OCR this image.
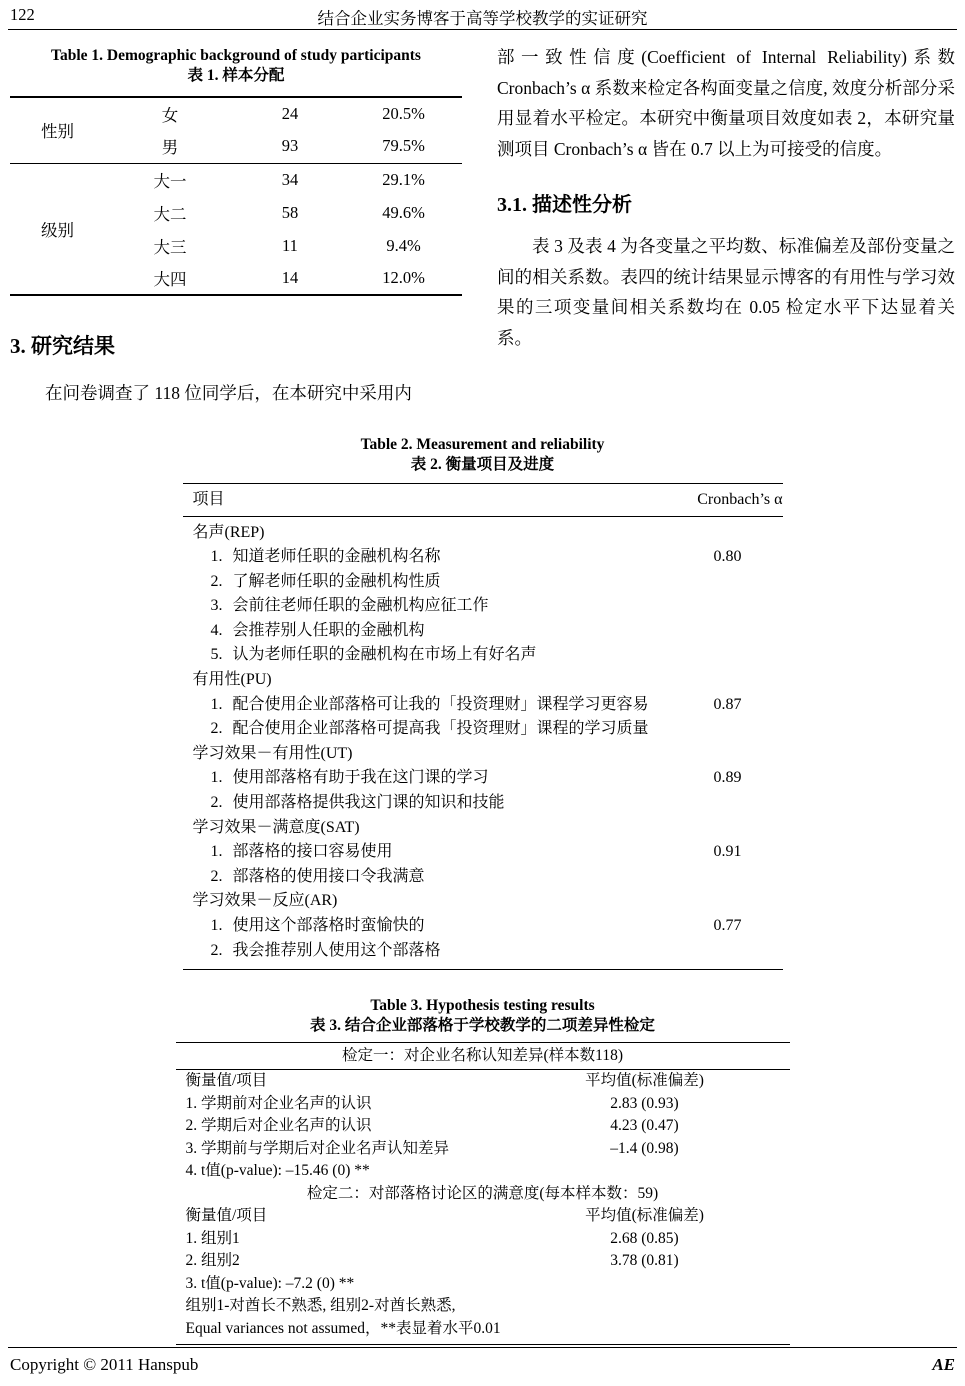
122	结合企业实务博客于高等学校教学的实证研究
Table 1. Demographic background of study participants
表 1. 样本分配
性别	女	24	20.5%
	男	93	79.5%
级别	大一	34	29.1%
	大二	58	49.6%
	大三	11	9.4%
	大四	14	12.0%
3. 研究结果
在问卷调查了 118 位同学后，在本研究中采用内
部一致性信度(Coefficient of Internal Reliability)系数 Cronbach’s α 系数来检定各构面变量之信度, 效度分析部分采用显着水平检定。本研究中衡量项目效度如表 2，本研究量测项目 Cronbach’s α 皆在 0.7 以上为可接受的信度。
3.1. 描述性分析
表 3 及表 4 为各变量之平均数、标准偏差及部份变量之间的相关系数。表四的统计结果显示博客的有用性与学习效果的三项变量间相关系数均在 0.05 检定水平下达显着关系。
Table 2. Measurement and reliability
表 2. 衡量项目及进度
项目	Cronbach’s α
名声(REP)
1. 知道老师任职的金融机构名称	0.80
2. 了解老师任职的金融机构性质
3. 会前往老师任职的金融机构应征工作
4. 会推荐别人任职的金融机构
5. 认为老师任职的金融机构在市场上有好名声
有用性(PU)
1. 配合使用企业部落格可让我的「投资理财」课程学习更容易	0.87
2. 配合使用企业部落格可提高我「投资理财」课程的学习质量
学习效果－有用性(UT)
1. 使用部落格有助于我在这门课的学习	0.89
2. 使用部落格提供我这门课的知识和技能
学习效果－满意度(SAT)
1. 部落格的接口容易使用	0.91
2. 部落格的使用接口令我满意
学习效果－反应(AR)
1. 使用这个部落格时蛮愉快的	0.77
2. 我会推荐别人使用这个部落格
Table 3. Hypothesis testing results
表 3. 结合企业部落格于学校教学的二项差异性检定
检定一：对企业名称认知差异(样本数118)
衡量值/项目	平均值(标准偏差)
1. 学期前对企业名声的认识	2.83 (0.93)
2. 学期后对企业名声的认识	4.23 (0.47)
3. 学期前与学期后对企业名声认知差异	–1.4 (0.98)
4. t值(p-value): –15.46 (0) **
检定二：对部落格讨论区的满意度(每本样本数：59)
衡量值/项目	平均值(标准偏差)
1. 组别1	2.68 (0.85)
2. 组别2	3.78 (0.81)
3. t值(p-value): –7.2 (0) **
组别1-对酋长不熟悉, 组别2-对酋长熟悉,
Equal variances not assumed，**表显着水平0.01
Copyright © 2011 Hanspub	AE
